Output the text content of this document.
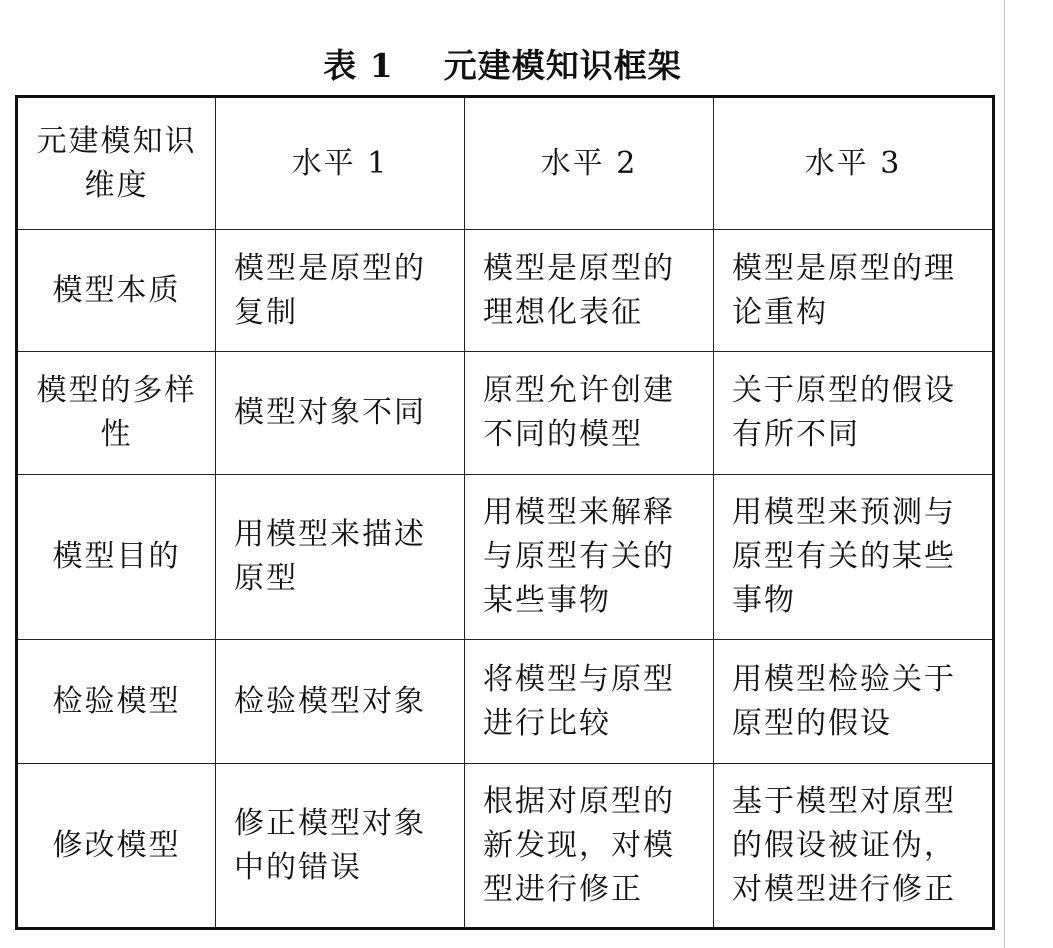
表 1 元建模知识框架
元建模知识维度	水平 1	水平 2	水平 3
模型本质	模型是原型的复制	模型是原型的理想化表征	模型是原型的理论重构
模型的多样性	模型对象不同	原型允许创建不同的模型	关于原型的假设有所不同
模型目的	用模型来描述原型	用模型来解释与原型有关的某些事物	用模型来预测与原型有关的某些事物
检验模型	检验模型对象	将模型与原型进行比较	用模型检验关于原型的假设
修改模型	修正模型对象中的错误	根据对原型的新发现，对模型进行修正	基于模型对原型的假设被证伪，对模型进行修正
